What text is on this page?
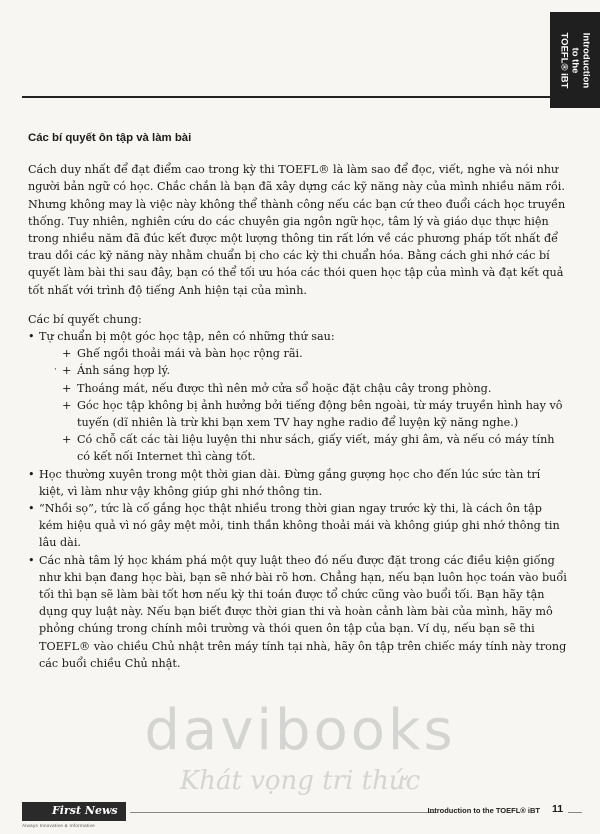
Introduction
to the
TOEFL® iBT

Các bí quyết ôn tập và làm bài

Cách duy nhất để đạt điểm cao trong kỳ thi TOEFL® là làm sao để đọc, viết, nghe và nói như người bản ngữ có học. Chắc chắn là bạn đã xây dựng các kỹ năng này của mình nhiều năm rồi. Nhưng không may là việc này không thể thành công nếu các bạn cứ theo đuổi cách học truyền thống. Tuy nhiên, nghiên cứu do các chuyên gia ngôn ngữ học, tâm lý và giáo dục thực hiện trong nhiều năm đã đúc kết được một lượng thông tin rất lớn về các phương pháp tốt nhất để trau dồi các kỹ năng này nhằm chuẩn bị cho các kỳ thi chuẩn hóa. Bằng cách ghi nhớ các bí quyết làm bài thi sau đây, bạn có thể tối ưu hóa các thói quen học tập của mình và đạt kết quả tốt nhất với trình độ tiếng Anh hiện tại của mình.

Các bí quyết chung:

• Tự chuẩn bị một góc học tập, nên có những thứ sau:
+ Ghế ngồi thoải mái và bàn học rộng rãi.
· + Ánh sáng hợp lý.
+ Thoáng mát, nếu được thì nên mở cửa sổ hoặc đặt chậu cây trong phòng.
+ Góc học tập không bị ảnh hưởng bởi tiếng động bên ngoài, từ máy truyền hình hay vô tuyến (dĩ nhiên là trừ khi bạn xem TV hay nghe radio để luyện kỹ năng nghe.)
+ Có chỗ cất các tài liệu luyện thi như sách, giấy viết, máy ghi âm, và nếu có máy tính có kết nối Internet thì càng tốt.
• Học thường xuyên trong một thời gian dài. Đừng gắng gượng học cho đến lúc sức tàn trí kiệt, vì làm như vậy không giúp ghi nhớ thông tin.
• “Nhồi sọ”, tức là cố gắng học thật nhiều trong thời gian ngay trước kỳ thi, là cách ôn tập kém hiệu quả vì nó gây mệt mỏi, tinh thần không thoải mái và không giúp ghi nhớ thông tin lâu dài.
• Các nhà tâm lý học khám phá một quy luật theo đó nếu được đặt trong các điều kiện giống như khi bạn đang học bài, bạn sẽ nhớ bài rõ hơn. Chẳng hạn, nếu bạn luôn học toán vào buổi tối thì bạn sẽ làm bài tốt hơn nếu kỳ thi toán được tổ chức cũng vào buổi tối. Bạn hãy tận dụng quy luật này. Nếu bạn biết được thời gian thi và hoàn cảnh làm bài của mình, hãy mô phỏng chúng trong chính môi trường và thói quen ôn tập của bạn. Ví dụ, nếu bạn sẽ thi TOEFL® vào chiều Chủ nhật trên máy tính tại nhà, hãy ôn tập trên chiếc máy tính này trong các buổi chiều Chủ nhật.
davibooks
Khát vọng tri thức
First News
Always Innovative & Informative
Introduction to the TOEFL® iBT 11
